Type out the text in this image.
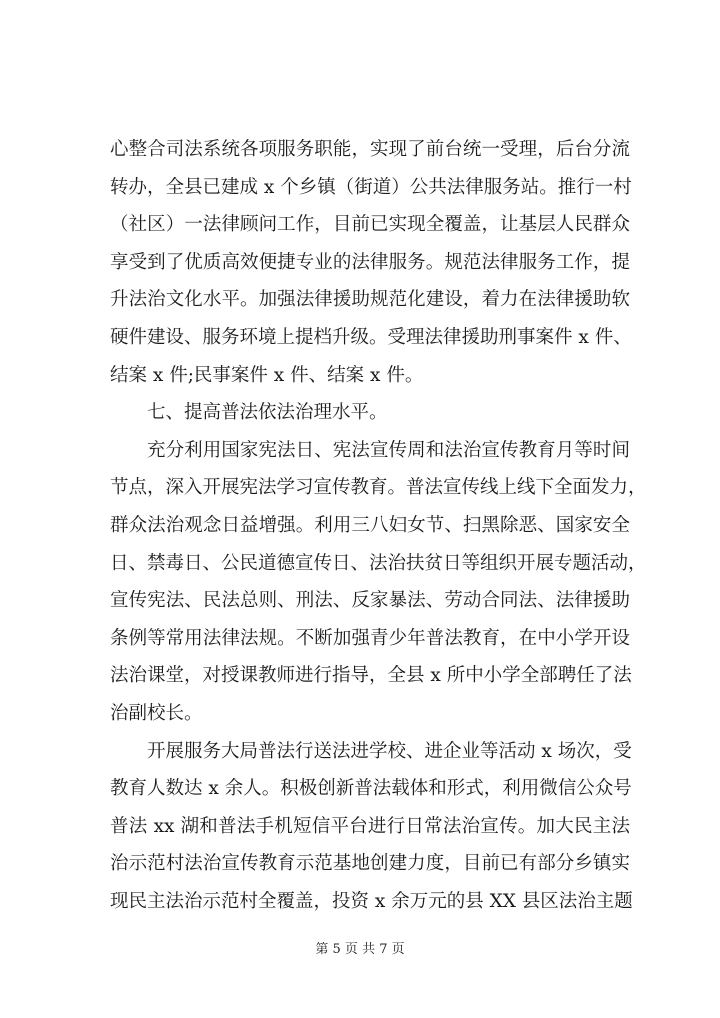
心整合司法系统各项服务职能，实现了前台统一受理，后台分流
转办，全县已建成 x 个乡镇（街道）公共法律服务站。推行一村
（社区）一法律顾问工作，目前已实现全覆盖，让基层人民群众
享受到了优质高效便捷专业的法律服务。规范法律服务工作，提
升法治文化水平。加强法律援助规范化建设，着力在法律援助软
硬件建设、服务环境上提档升级。受理法律援助刑事案件 x 件、
结案 x 件;民事案件 x 件、结案 x 件。
七、提高普法依法治理水平。
充分利用国家宪法日、宪法宣传周和法治宣传教育月等时间
节点，深入开展宪法学习宣传教育。普法宣传线上线下全面发力，
群众法治观念日益增强。利用三八妇女节、扫黑除恶、国家安全
日、禁毒日、公民道德宣传日、法治扶贫日等组织开展专题活动，
宣传宪法、民法总则、刑法、反家暴法、劳动合同法、法律援助
条例等常用法律法规。不断加强青少年普法教育，在中小学开设
法治课堂，对授课教师进行指导，全县 x 所中小学全部聘任了法
治副校长。
开展服务大局普法行送法进学校、进企业等活动 x 场次，受
教育人数达 x 余人。积极创新普法载体和形式，利用微信公众号
普法 xx 湖和普法手机短信平台进行日常法治宣传。加大民主法
治示范村法治宣传教育示范基地创建力度，目前已有部分乡镇实
现民主法治示范村全覆盖，投资 x 余万元的县 XX 县区法治主题
第 5 页 共 7 页
